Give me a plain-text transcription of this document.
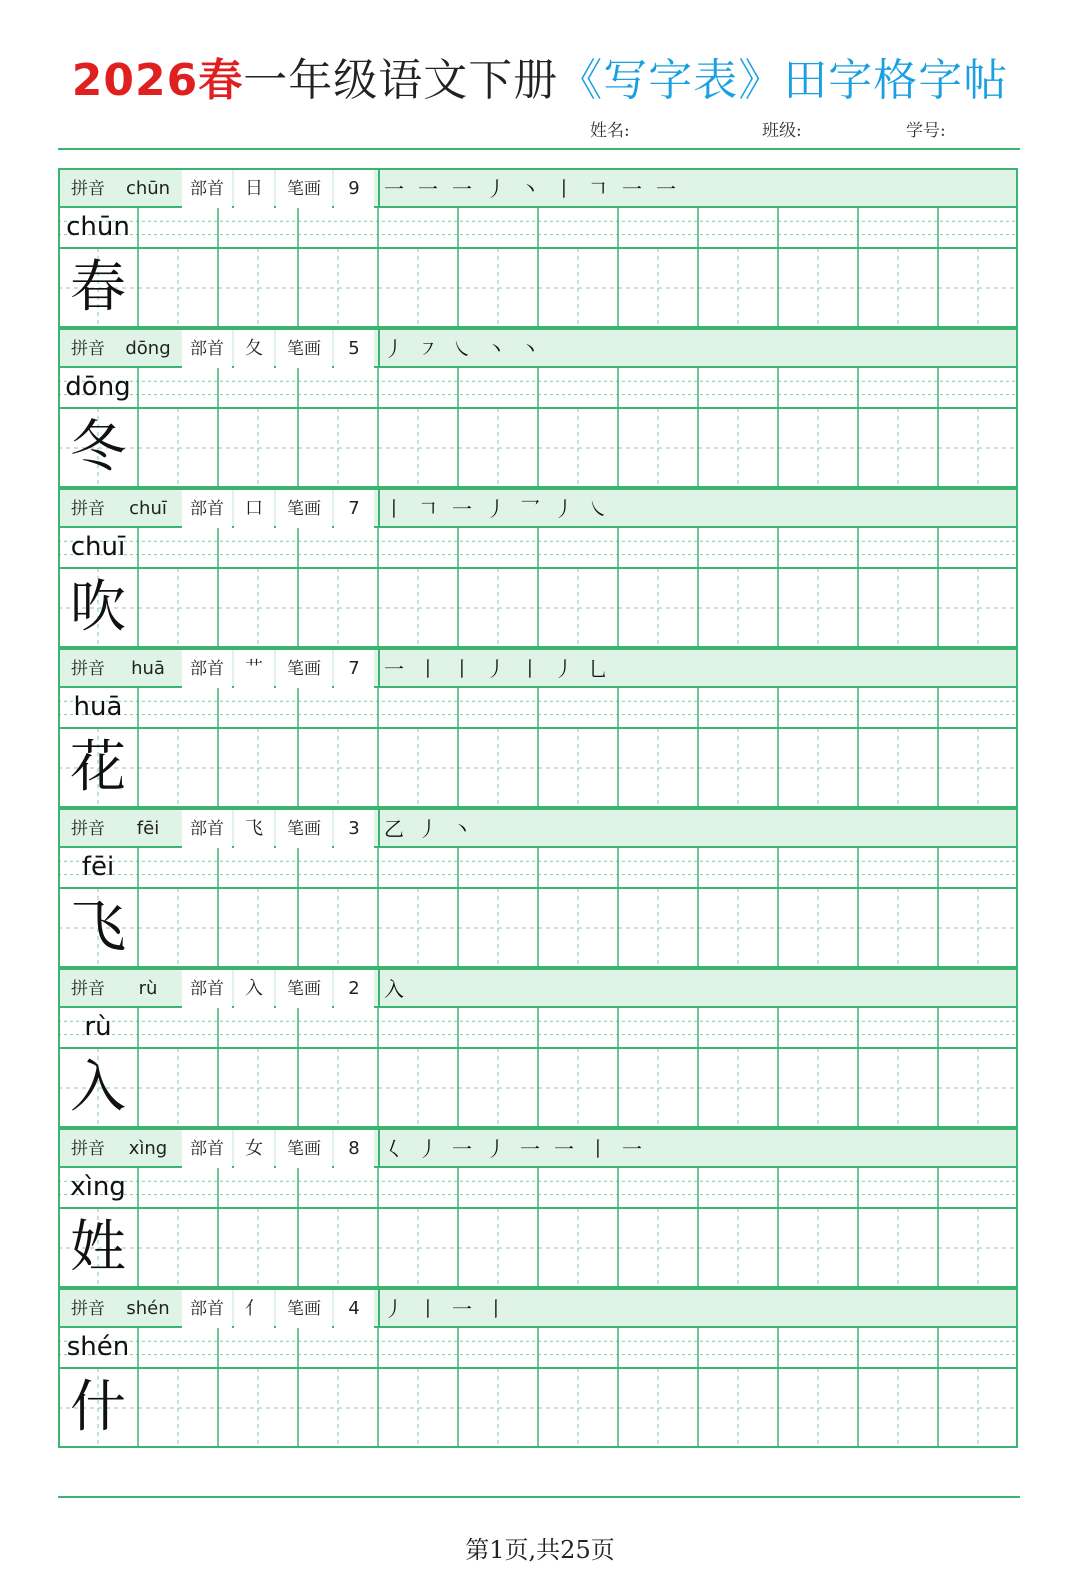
2026春一年级语文下册《写字表》田字格字帖
姓名:	班级:	学号:
拼音	chūn	部首	日	笔画	9	一一一丿丶丨𠃍一一
chūn
春
拼音	dōng	部首	夂	笔画	5	丿㇇㇏丶丶
dōng
冬
拼音	chuī	部首	口	笔画	7	丨𠃍一丿乛丿㇏
chuī
吹
拼音	huā	部首	艹	笔画	7	一丨丨丿丨丿乚
huā
花
拼音	fēi	部首	飞	笔画	3	乙丿丶
fēi
飞
拼音	rù	部首	入	笔画	2	入
rù
入
拼音	xìng	部首	女	笔画	8	𡿨丿一丿一一丨一
xìng
姓
拼音	shén	部首	亻	笔画	4	丿丨一丨
shén
什
第1页,共25页
